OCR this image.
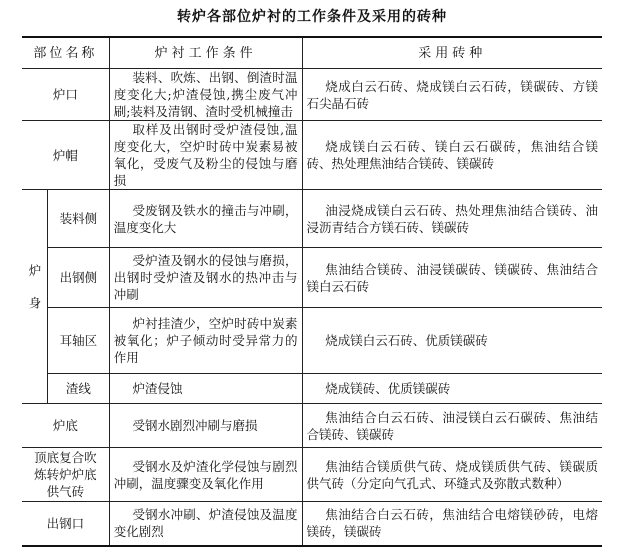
转炉各部位炉衬的工作条件及采用的砖种
部位名称		炉衬工作条件	采用砖种
炉口		装料、吹炼、出钢、倒渣时温度变化大;炉渣侵蚀,携尘废气冲刷;装料及清钢、渣时受机械撞击	烧成白云石砖、烧成镁白云石砖，镁碳砖、方镁石尖晶石砖
炉帽		取样及出钢时受炉渣侵蚀,温度变化大，空炉时砖中炭素易被氧化，受废气及粉尘的侵蚀与磨损	烧成镁白云石砖、镁白云石碳砖，焦油结合镁砖、热处理焦油结合镁砖、镁碳砖
炉身	装料侧	受废钢及铁水的撞击与冲刷，温度变化大	油浸烧成镁白云石砖、热处理焦油结合镁砖、油浸沥青结合方镁石砖、镁碳砖
	出钢侧	受炉渣及钢水的侵蚀与磨损，出钢时受炉渣及钢水的热冲击与冲刷	焦油结合镁砖、油浸镁碳砖、镁碳砖、焦油结合镁白云石砖
	耳轴区	炉衬挂渣少，空炉时砖中炭素被氧化；炉子倾动时受异常力的作用	烧成镁白云石砖、优质镁碳砖
	渣线	炉渣侵蚀	烧成镁砖、优质镁碳砖
炉底		受钢水剧烈冲刷与磨损	焦油结合白云石砖、油浸镁白云石碳砖、焦油结合镁砖、镁碳砖
顶底复合吹炼转炉炉底供气砖		受钢水及炉渣化学侵蚀与剧烈冲刷，温度骤变及氧化作用	焦油结合镁质供气砖、烧成镁质供气砖、镁碳质供气砖（分定向气孔式、环缝式及弥散式数种）
出钢口		受钢水冲刷、炉渣侵蚀及温度变化剧烈	焦油结合白云石砖，焦油结合电熔镁砂砖，电熔镁砖，镁碳砖
